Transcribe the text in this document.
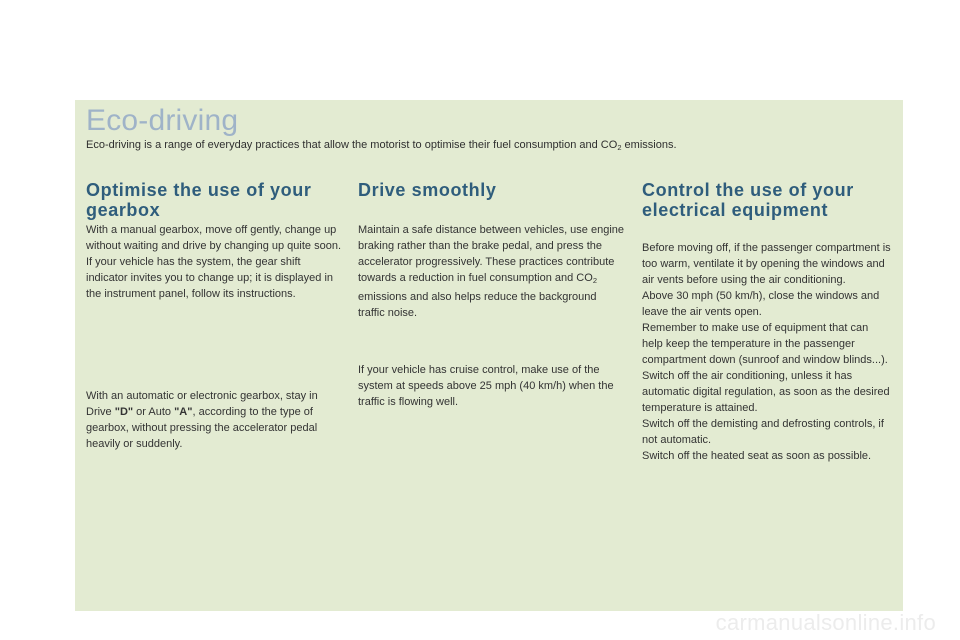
Eco-driving

Eco-driving is a range of everyday practices that allow the motorist to optimise their fuel consumption and $CO_2$ emissions.

Optimise the use of your gearbox

With a manual gearbox, move off gently, change up without waiting and drive by changing up quite soon. If your vehicle has the system, the gear shift indicator invites you to change up; it is displayed in the instrument panel, follow its instructions.

With an automatic or electronic gearbox, stay in Drive "D" or Auto "A", according to the type of gearbox, without pressing the accelerator pedal heavily or suddenly.

Drive smoothly

Maintain a safe distance between vehicles, use engine braking rather than the brake pedal, and press the accelerator progressively. These practices contribute towards a reduction in fuel consumption and $CO_2$ emissions and also helps reduce the background traffic noise.

If your vehicle has cruise control, make use of the system at speeds above 25 mph (40 km/h) when the traffic is flowing well.

Control the use of your electrical equipment

Before moving off, if the passenger compartment is too warm, ventilate it by opening the windows and air vents before using the air conditioning.
Above 30 mph (50 km/h), close the windows and leave the air vents open.
Remember to make use of equipment that can help keep the temperature in the passenger compartment down (sunroof and window blinds...).
Switch off the air conditioning, unless it has automatic digital regulation, as soon as the desired temperature is attained.
Switch off the demisting and defrosting controls, if not automatic.
Switch off the heated seat as soon as possible.

carmanualsonline.info
